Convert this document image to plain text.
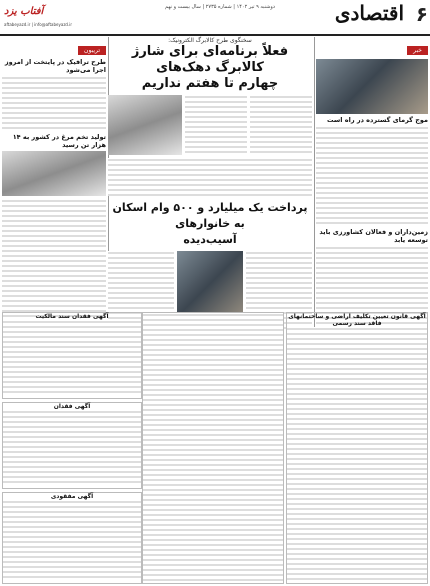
۶
اقتصادی
دوشنبه ۹ تیر ۱۴۰۲ | شماره ۲۷۳۵ | سال بیست و نهم
آفتاب یزد
aftabeyazd.ir | info@aftabeyazd.ir
خبر
موج گرمای گسترده در راه است
زمین‌داران و فعالان کشاورزی باید توسعه یابد
سخنگوی طرح کالابرگ الکترونیک:
فعلاً برنامه‌ای برای شارژ کالابرگ دهک‌های
چهارم تا هفتم نداریم
پرداخت یک میلیارد و ۵۰۰ وام اسکان به خانوارهای
آسیب‌دیده
تریبون
طرح ترافیک در پایتخت از امروز اجرا می‌شود
تولید تخم مرغ در کشور به ۱۴ هزار تن رسید
آگهی قانون تعیین تکلیف اراضی و ساختمانهای فاقد سند رسمی
آگهی فقدان سند مالکیت
آگهی فقدان
آگهی مفقودی
